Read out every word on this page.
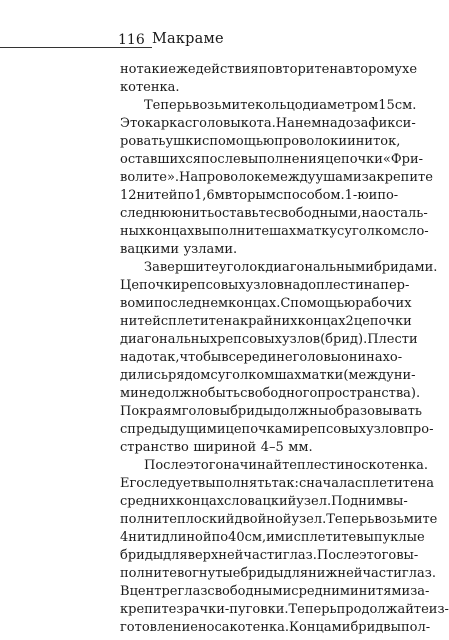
116 Макраме
но такие же действия повторите на втором ухе
котенка.
Теперь возьмите кольцо диаметром 15 см.
Это каркас головы кота. На нем надо зафикси-
ровать ушки с помощью проволоки и ниток,
оставшихся после выполнения цепочки «Фри-
волите». На проволоке между ушами закрепите
12 нитей по 1,6 м вторым способом. 1-ю и по-
следнюю нить оставьте свободными, на осталь-
ных концах выполните шахматку с уголком сло-
вацкими узлами.
Завершите уголок диагональными бридами.
Цепочки репсовых узлов надо плести на пер-
вом и последнем концах. С помощью рабочих
нитей сплетите на крайних концах 2 цепочки
диагональных репсовых узлов (брид). Плести
надо так, чтобы в середине головы они нахо-
дились рядом с уголком шахматки (между ни-
ми не должно быть свободного пространства).
По краям головы бриды должны образовывать
с предыдущими цепочками репсовых узлов про-
странство шириной 4–5 мм.
После этого начинайте плести нос котенка.
Его следует выполнять так: сначала сплетите на
средних концах словацкий узел. Под ним вы-
полните плоский двойной узел. Теперь возьмите
4 нити длиной по 40 см, ими сплетите выпуклые
бриды для верхней части глаз. После этого вы-
полните вогнутые бриды для нижней части глаз.
В центре глаз свободными средними нитями за-
крепите зрачки-пуговки. Теперь продолжайте из-
готовление носа котенка. Концами брид выпол-
